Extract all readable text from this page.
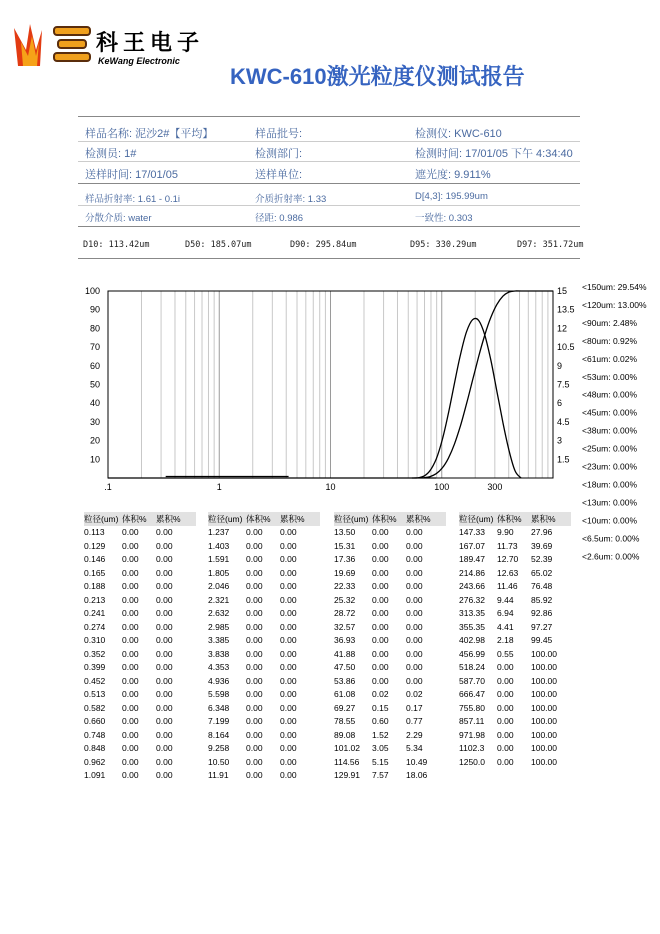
科王电子
KeWang Electronic
KWC-610激光粒度仪测试报告
样品名称: 泥沙2#【平均】	样品批号:	检测仪: KWC-610
检测员: 1#	检测部门:	检测时间: 17/01/05 下午 4:34:40
送样时间: 17/01/05	送样单位:	遮光度: 9.911%
样品折射率: 1.61 - 0.1i	介质折射率: 1.33	D[4,3]: 195.99um
分散介质: water	径距: 0.986	一致性: 0.303
D10: 113.42um	D50: 185.07um	D90: 295.84um	D95: 330.29um	D97: 351.72um
100
90
80
70
60
50
40
30
20
10
15
13.5
12
10.5
9
7.5
6
4.5
3
1.5
.1	1	10	100	300
<150um: 29.54%
<120um: 13.00%
<90um: 2.48%
<80um: 0.92%
<61um: 0.02%
<53um: 0.00%
<48um: 0.00%
<45um: 0.00%
<38um: 0.00%
<25um: 0.00%
<23um: 0.00%
<18um: 0.00%
<13um: 0.00%
<10um: 0.00%
<6.5um: 0.00%
<2.6um: 0.00%
粒径(um)	体积%	累积%
0.113	0.00	0.00
0.129	0.00	0.00
0.146	0.00	0.00
0.165	0.00	0.00
0.188	0.00	0.00
0.213	0.00	0.00
0.241	0.00	0.00
0.274	0.00	0.00
0.310	0.00	0.00
0.352	0.00	0.00
0.399	0.00	0.00
0.452	0.00	0.00
0.513	0.00	0.00
0.582	0.00	0.00
0.660	0.00	0.00
0.748	0.00	0.00
0.848	0.00	0.00
0.962	0.00	0.00
1.091	0.00	0.00
粒径(um)	体积%	累积%
1.237	0.00	0.00
1.403	0.00	0.00
1.591	0.00	0.00
1.805	0.00	0.00
2.046	0.00	0.00
2.321	0.00	0.00
2.632	0.00	0.00
2.985	0.00	0.00
3.385	0.00	0.00
3.838	0.00	0.00
4.353	0.00	0.00
4.936	0.00	0.00
5.598	0.00	0.00
6.348	0.00	0.00
7.199	0.00	0.00
8.164	0.00	0.00
9.258	0.00	0.00
10.50	0.00	0.00
11.91	0.00	0.00
粒径(um)	体积%	累积%
13.50	0.00	0.00
15.31	0.00	0.00
17.36	0.00	0.00
19.69	0.00	0.00
22.33	0.00	0.00
25.32	0.00	0.00
28.72	0.00	0.00
32.57	0.00	0.00
36.93	0.00	0.00
41.88	0.00	0.00
47.50	0.00	0.00
53.86	0.00	0.00
61.08	0.02	0.02
69.27	0.15	0.17
78.55	0.60	0.77
89.08	1.52	2.29
101.02	3.05	5.34
114.56	5.15	10.49
129.91	7.57	18.06
粒径(um)	体积%	累积%
147.33	9.90	27.96
167.07	11.73	39.69
189.47	12.70	52.39
214.86	12.63	65.02
243.66	11.46	76.48
276.32	9.44	85.92
313.35	6.94	92.86
355.35	4.41	97.27
402.98	2.18	99.45
456.99	0.55	100.00
518.24	0.00	100.00
587.70	0.00	100.00
666.47	0.00	100.00
755.80	0.00	100.00
857.11	0.00	100.00
971.98	0.00	100.00
1102.3	0.00	100.00
1250.0	0.00	100.00
